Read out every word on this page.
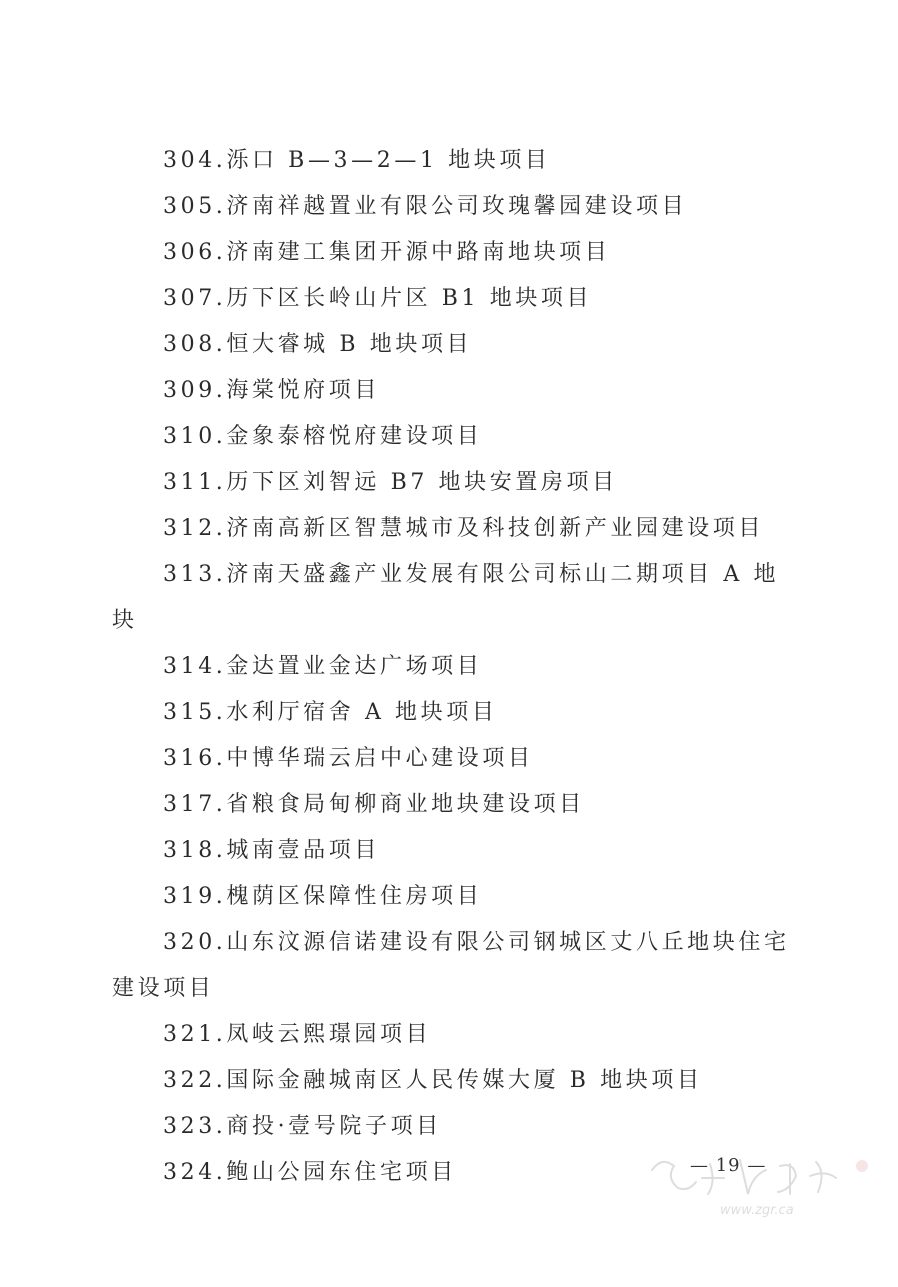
304.泺口 B—3—2—1 地块项目

305.济南祥越置业有限公司玫瑰馨园建设项目

306.济南建工集团开源中路南地块项目

307.历下区长岭山片区 B1 地块项目

308.恒大睿城 B 地块项目

309.海棠悦府项目

310.金象泰榕悦府建设项目

311.历下区刘智远 B7 地块安置房项目

312.济南高新区智慧城市及科技创新产业园建设项目

313.济南天盛鑫产业发展有限公司标山二期项目 A 地块

314.金达置业金达广场项目

315.水利厅宿舍 A 地块项目

316.中博华瑞云启中心建设项目

317.省粮食局甸柳商业地块建设项目

318.城南壹品项目

319.槐荫区保障性住房项目

320.山东汶源信诺建设有限公司钢城区丈八丘地块住宅建设项目

321.凤岐云熙璟园项目

322.国际金融城南区人民传媒大厦 B 地块项目

323.商投·壹号院子项目

324.鲍山公园东住宅项目	— 19 —
www.zgr.ca
